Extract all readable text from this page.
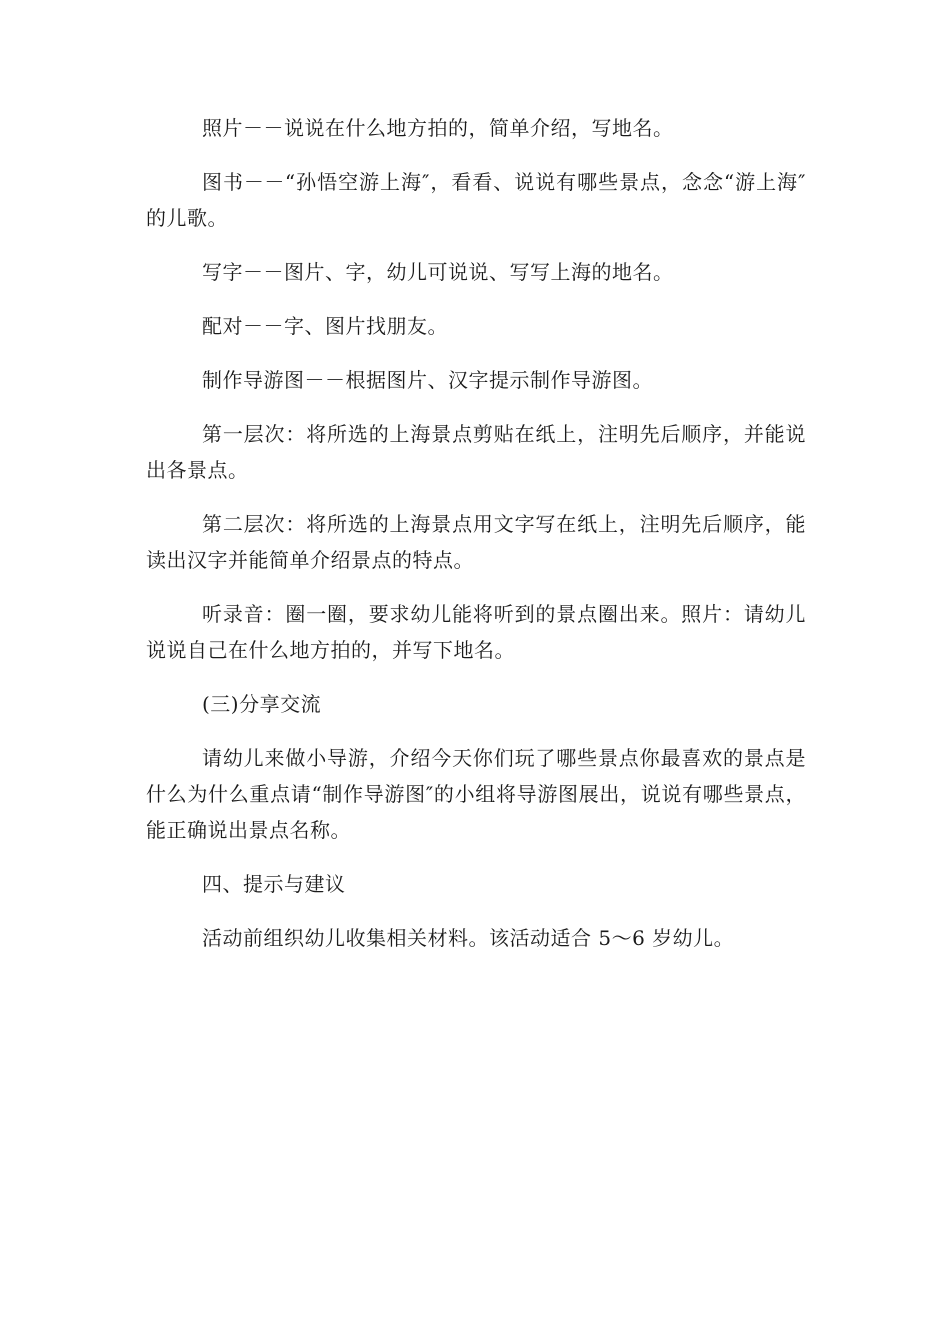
照片－－说说在什么地方拍的，简单介绍，写地名。

图书－－“孙悟空游上海″，看看、说说有哪些景点，念念“游上海″的儿歌。

写字－－图片、字，幼儿可说说、写写上海的地名。

配对－－字、图片找朋友。

制作导游图－－根据图片、汉字提示制作导游图。

第一层次：将所选的上海景点剪贴在纸上，注明先后顺序，并能说出各景点。

第二层次：将所选的上海景点用文字写在纸上，注明先后顺序，能读出汉字并能简单介绍景点的特点。

听录音：圈一圈，要求幼儿能将听到的景点圈出来。照片：请幼儿说说自己在什么地方拍的，并写下地名。

(三)分享交流

请幼儿来做小导游，介绍今天你们玩了哪些景点你最喜欢的景点是什么为什么重点请“制作导游图″的小组将导游图展出，说说有哪些景点，能正确说出景点名称。

四、提示与建议

活动前组织幼儿收集相关材料。该活动适合 5～6 岁幼儿。
